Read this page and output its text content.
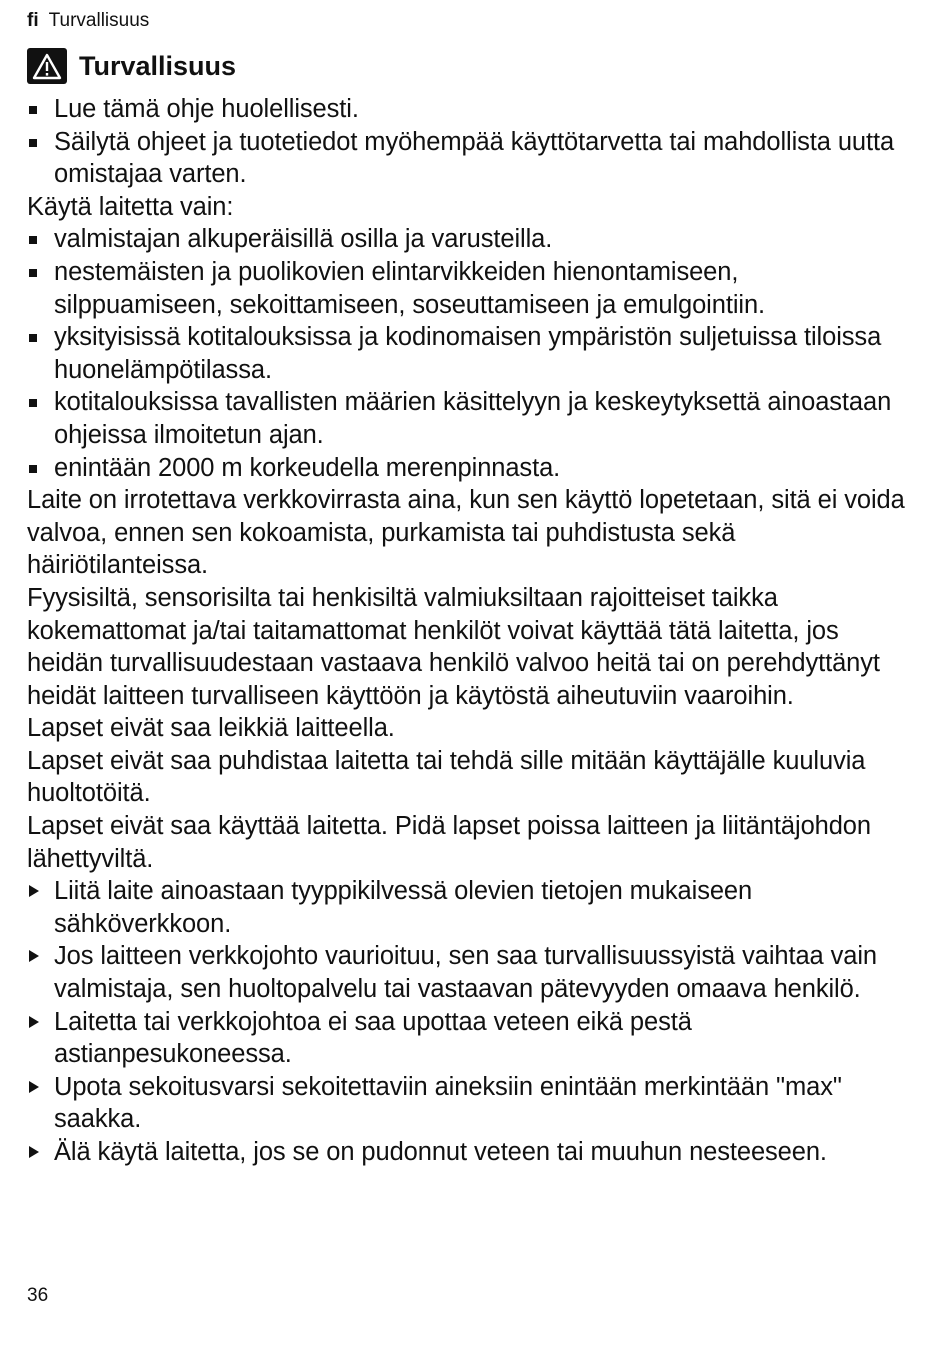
fi Turvallisuus
Turvallisuus
Lue tämä ohje huolellisesti.
Säilytä ohjeet ja tuotetiedot myöhempää käyttötarvetta tai mahdollista uutta omistajaa varten.

Käytä laitetta vain:

valmistajan alkuperäisillä osilla ja varusteilla.
nestemäisten ja puolikovien elintarvikkeiden hienontamiseen, silppuamiseen, sekoittamiseen, soseuttamiseen ja emulgointiin.
yksityisissä kotitalouksissa ja kodinomaisen ympäristön suljetuissa tiloissa huonelämpötilassa.
kotitalouksissa tavallisten määrien käsittelyyn ja keskeytyksettä ainoastaan ohjeissa ilmoitetun ajan.
enintään 2000 m korkeudella merenpinnasta.

Laite on irrotettava verkkovirrasta aina, kun sen käyttö lopetetaan, sitä ei voida valvoa, ennen sen kokoamista, purkamista tai puhdistusta sekä häiriötilanteissa.

Fyysisiltä, sensorisilta tai henkisiltä valmiuksiltaan rajoitteiset taikka kokemattomat ja/tai taitamattomat henkilöt voivat käyttää tätä laitetta, jos heidän turvallisuudestaan vastaava henkilö valvoo heitä tai on perehdyttänyt heidät laitteen turvalliseen käyttöön ja käytöstä aiheutuviin vaaroihin.

Lapset eivät saa leikkiä laitteella.

Lapset eivät saa puhdistaa laitetta tai tehdä sille mitään käyttäjälle kuuluvia huoltotöitä.

Lapset eivät saa käyttää laitetta. Pidä lapset poissa laitteen ja liitäntäjohdon lähettyviltä.

Liitä laite ainoastaan tyyppikilvessä olevien tietojen mukaiseen sähköverkkoon.
Jos laitteen verkkojohto vaurioituu, sen saa turvallisuussyistä vaihtaa vain valmistaja, sen huoltopalvelu tai vastaavan pätevyyden omaava henkilö.
Laitetta tai verkkojohtoa ei saa upottaa veteen eikä pestä astianpesukoneessa.
Upota sekoitusvarsi sekoitettaviin aineksiin enintään merkintään "max" saakka.
Älä käytä laitetta, jos se on pudonnut veteen tai muuhun nesteeseen.
36
